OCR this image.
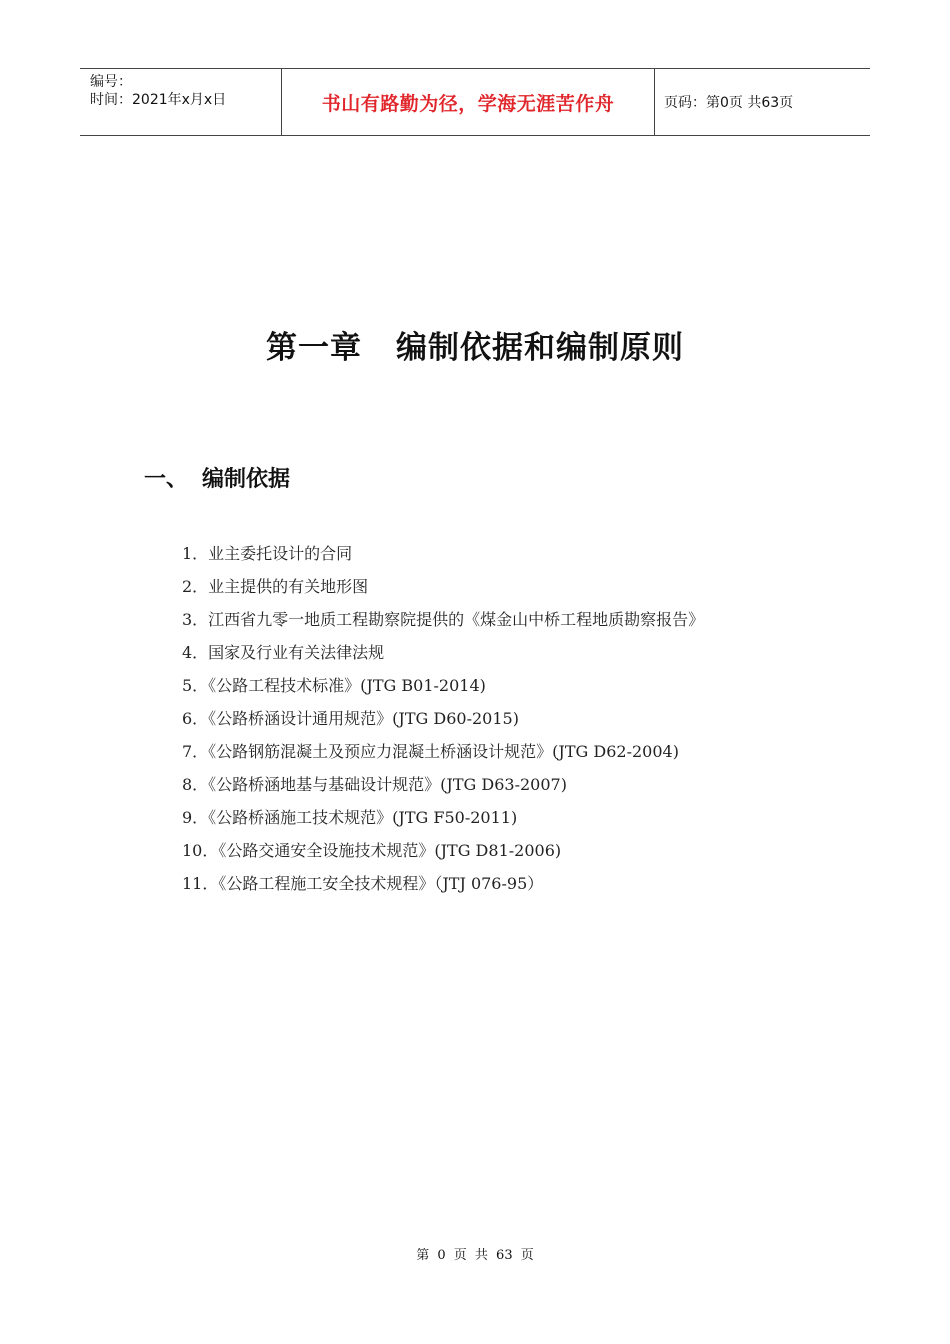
编号：
时间：2021年x月x日	书山有路勤为径，学海无涯苦作舟	页码：第0页 共63页
第一章 编制依据和编制原则
一、 编制依据
1．业主委托设计的合同
2．业主提供的有关地形图
3．江西省九零一地质工程勘察院提供的《煤金山中桥工程地质勘察报告》
4．国家及行业有关法律法规
5．《公路工程技术标准》(JTG B01-2014)
6．《公路桥涵设计通用规范》(JTG D60-2015)
7．《公路钢筋混凝土及预应力混凝土桥涵设计规范》(JTG D62-2004)
8．《公路桥涵地基与基础设计规范》(JTG D63-2007)
9．《公路桥涵施工技术规范》(JTG F50-2011)
10．《公路交通安全设施技术规范》(JTG D81-2006)
11．《公路工程施工安全技术规程》（JTJ 076-95）
第 0 页 共 63 页
